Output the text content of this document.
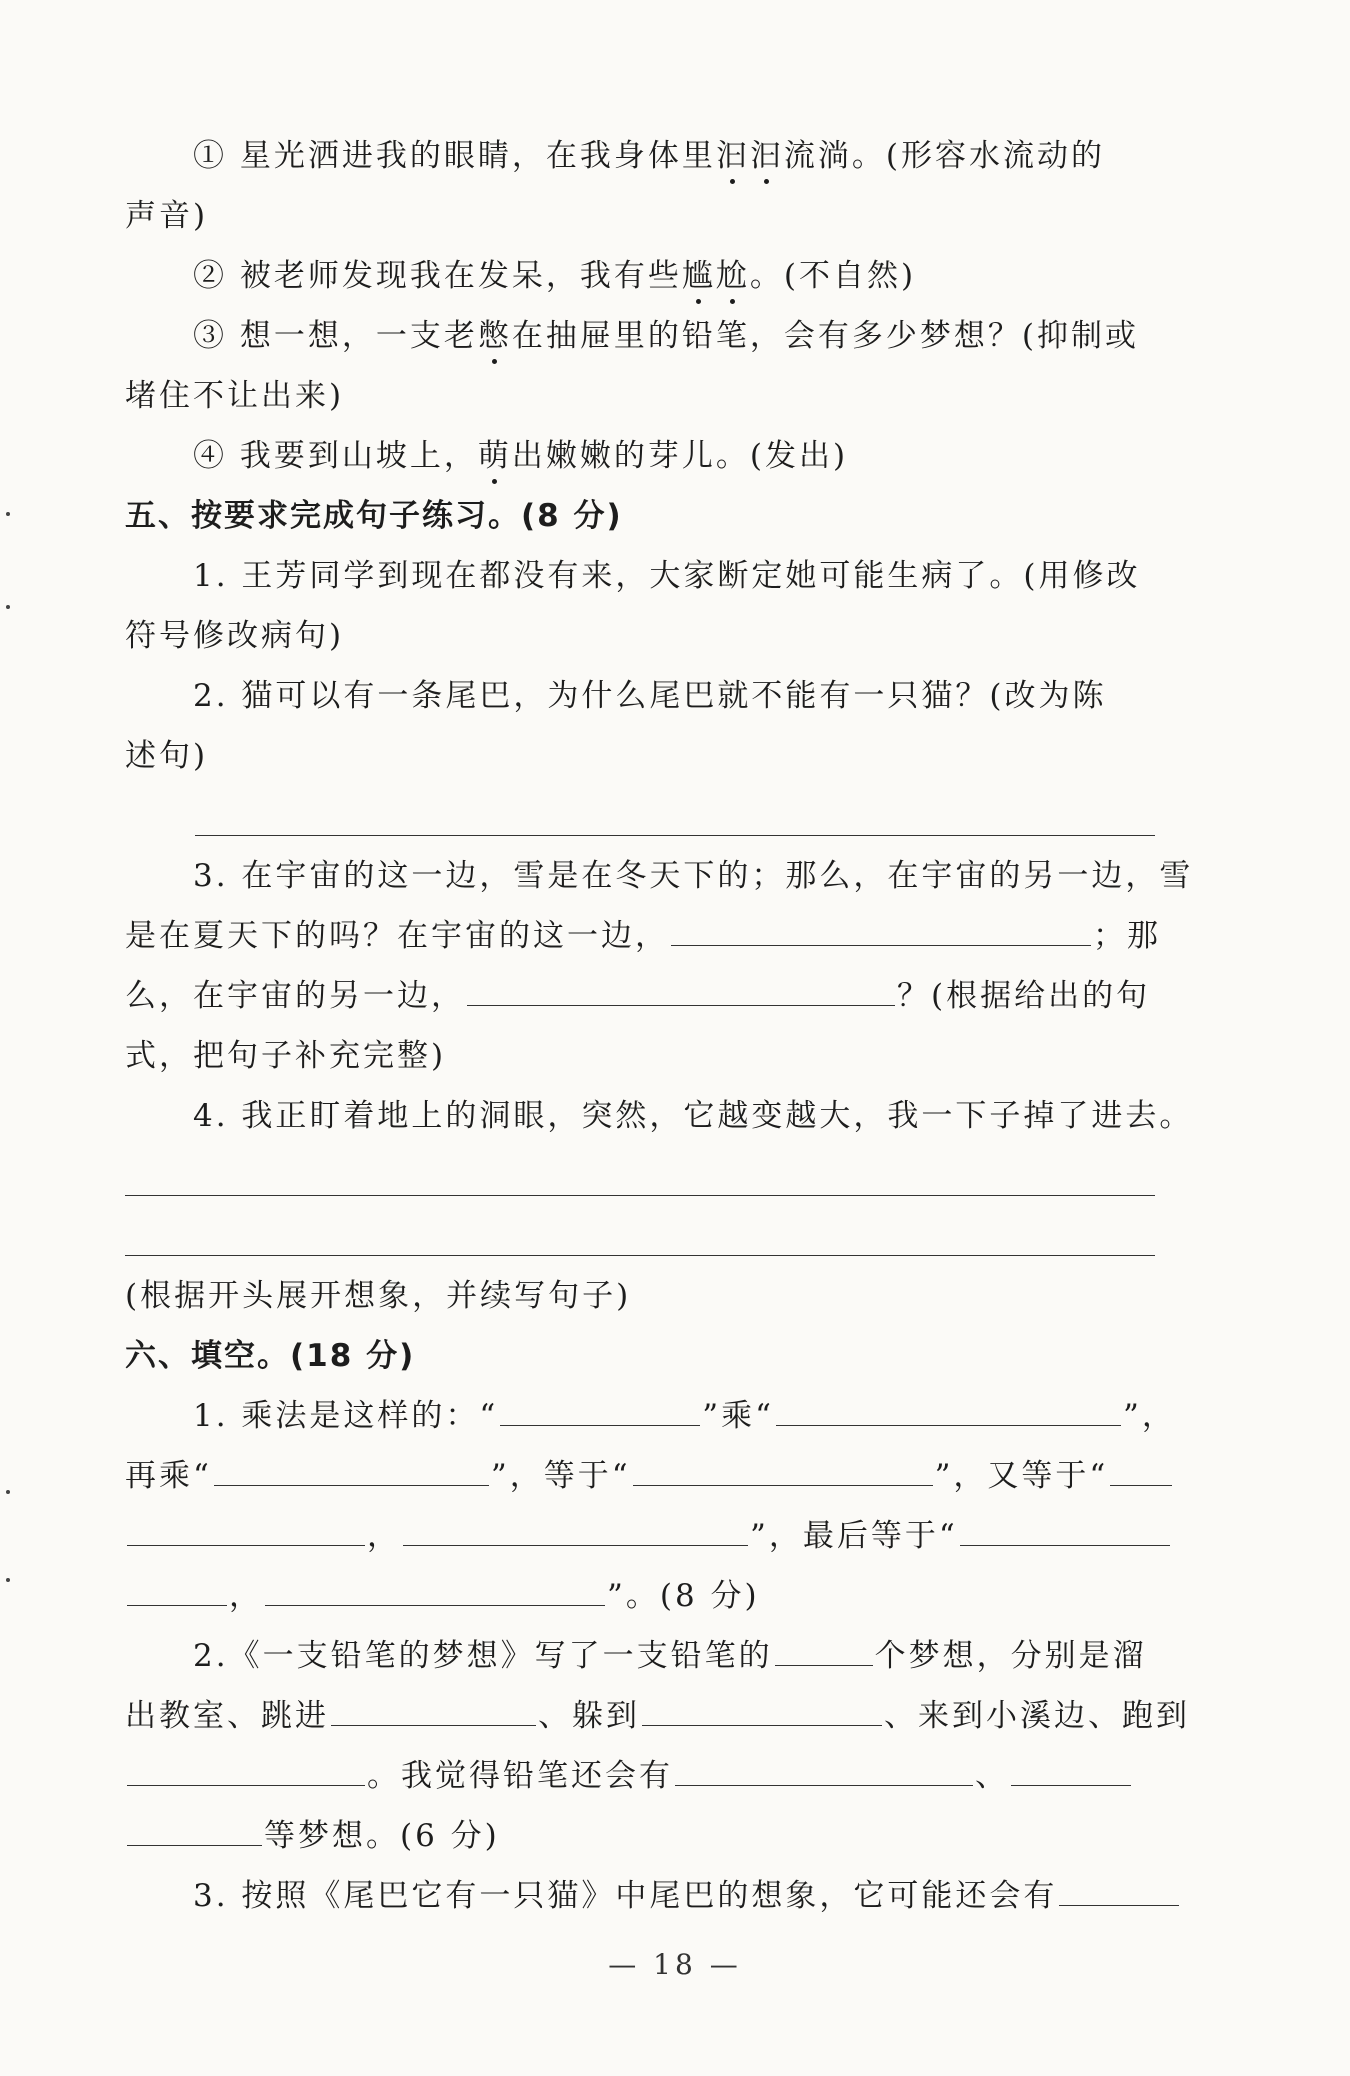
① 星光洒进我的眼睛，在我身体里汩汩流淌。(形容水流动的
声音)
② 被老师发现我在发呆，我有些尴尬。(不自然)
③ 想一想，一支老憋在抽屉里的铅笔，会有多少梦想？(抑制或
堵住不让出来)
④ 我要到山坡上，萌出嫩嫩的芽儿。(发出)
五、按要求完成句子练习。(8 分)
1. 王芳同学到现在都没有来，大家断定她可能生病了。(用修改
符号修改病句)
2. 猫可以有一条尾巴，为什么尾巴就不能有一只猫？(改为陈
述句)
3. 在宇宙的这一边，雪是在冬天下的；那么，在宇宙的另一边，雪
是在夏天下的吗？在宇宙的这一边，	；那
么，在宇宙的另一边，	？(根据给出的句
式，把句子补充完整)
4. 我正盯着地上的洞眼，突然，它越变越大，我一下子掉了进去。
(根据开头展开想象，并续写句子)
六、填空。(18 分)
1. 乘法是这样的：“	”乘“	”，
再乘“	”，等于“	”，又等于“
，	”，最后等于“
，	”。(8 分)
2.《一支铅笔的梦想》写了一支铅笔的	个梦想，分别是溜
出教室、跳进	、躲到	、来到小溪边、跑到
。我觉得铅笔还会有	、
等梦想。(6 分)
3. 按照《尾巴它有一只猫》中尾巴的想象，它可能还会有
— 18 —
